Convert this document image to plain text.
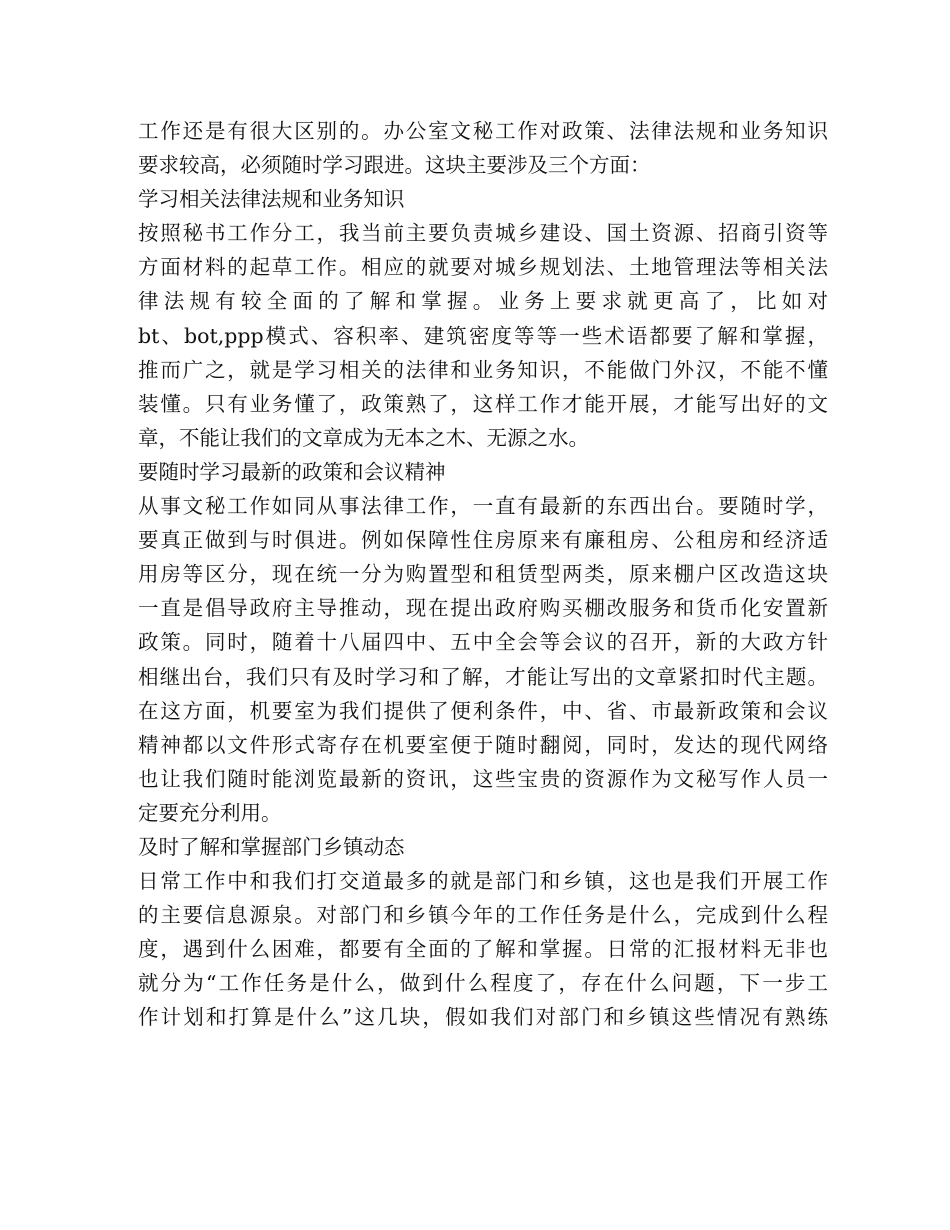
工作还是有很大区别的。办公室文秘工作对政策、法律法规和业务知识
要求较高，必须随时学习跟进。这块主要涉及三个方面：
学习相关法律法规和业务知识
按照秘书工作分工，我当前主要负责城乡建设、国土资源、招商引资等
方面材料的起草工作。相应的就要对城乡规划法、土地管理法等相关法
律法规有较全面的了解和掌握。业务上要求就更高了，比如对
bt、bot,ppp模式、容积率、建筑密度等等一些术语都要了解和掌握，
推而广之，就是学习相关的法律和业务知识，不能做门外汉，不能不懂
装懂。只有业务懂了，政策熟了，这样工作才能开展，才能写出好的文
章，不能让我们的文章成为无本之木、无源之水。
要随时学习最新的政策和会议精神
从事文秘工作如同从事法律工作，一直有最新的东西出台。要随时学，
要真正做到与时俱进。例如保障性住房原来有廉租房、公租房和经济适
用房等区分，现在统一分为购置型和租赁型两类，原来棚户区改造这块
一直是倡导政府主导推动，现在提出政府购买棚改服务和货币化安置新
政策。同时，随着十八届四中、五中全会等会议的召开，新的大政方针
相继出台，我们只有及时学习和了解，才能让写出的文章紧扣时代主题。
在这方面，机要室为我们提供了便利条件，中、省、市最新政策和会议
精神都以文件形式寄存在机要室便于随时翻阅，同时，发达的现代网络
也让我们随时能浏览最新的资讯，这些宝贵的资源作为文秘写作人员一
定要充分利用。
及时了解和掌握部门乡镇动态
日常工作中和我们打交道最多的就是部门和乡镇，这也是我们开展工作
的主要信息源泉。对部门和乡镇今年的工作任务是什么，完成到什么程
度，遇到什么困难，都要有全面的了解和掌握。日常的汇报材料无非也
就分为“工作任务是什么，做到什么程度了，存在什么问题，下一步工
作计划和打算是什么”这几块，假如我们对部门和乡镇这些情况有熟练
